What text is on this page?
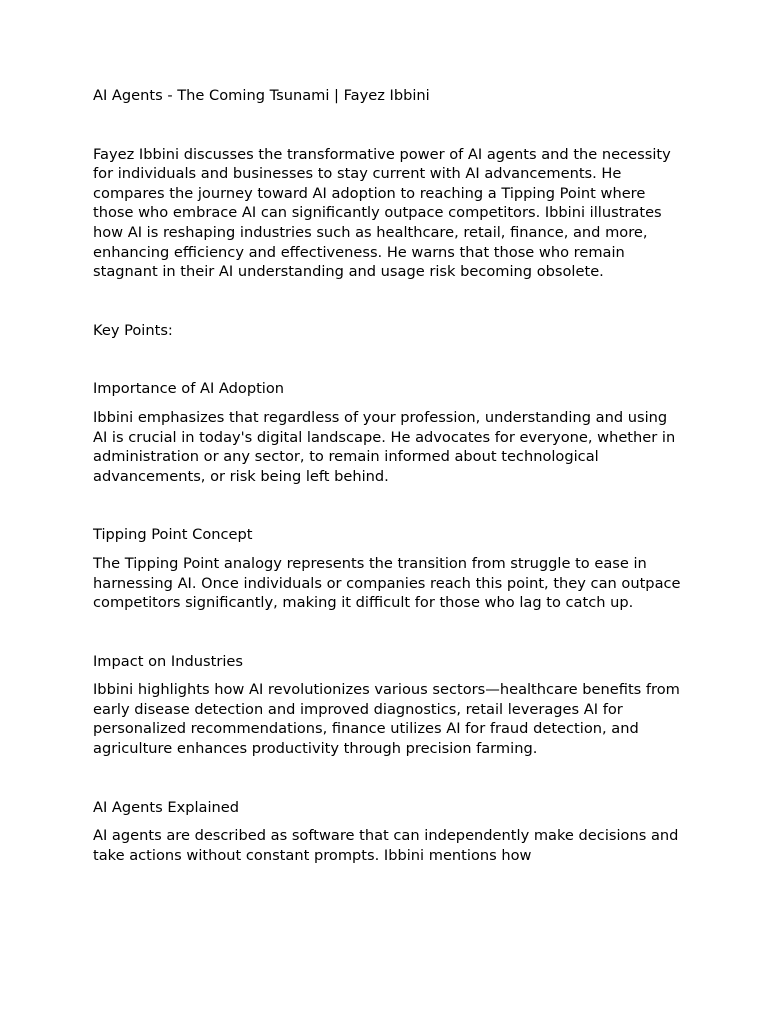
AI Agents - The Coming Tsunami | Fayez Ibbini

Fayez Ibbini discusses the transformative power of AI agents and the necessity for individuals and businesses to stay current with AI advancements. He compares the journey toward AI adoption to reaching a Tipping Point where those who embrace AI can significantly outpace competitors. Ibbini illustrates how AI is reshaping industries such as healthcare, retail, finance, and more, enhancing efficiency and effectiveness. He warns that those who remain stagnant in their AI understanding and usage risk becoming obsolete.

Key Points:

Importance of AI Adoption

Ibbini emphasizes that regardless of your profession, understanding and using AI is crucial in today's digital landscape. He advocates for everyone, whether in administration or any sector, to remain informed about technological advancements, or risk being left behind.

Tipping Point Concept

The Tipping Point analogy represents the transition from struggle to ease in harnessing AI. Once individuals or companies reach this point, they can outpace competitors significantly, making it difficult for those who lag to catch up.

Impact on Industries

Ibbini highlights how AI revolutionizes various sectors—healthcare benefits from early disease detection and improved diagnostics, retail leverages AI for personalized recommendations, finance utilizes AI for fraud detection, and agriculture enhances productivity through precision farming.

AI Agents Explained

AI agents are described as software that can independently make decisions and take actions without constant prompts. Ibbini mentions how
